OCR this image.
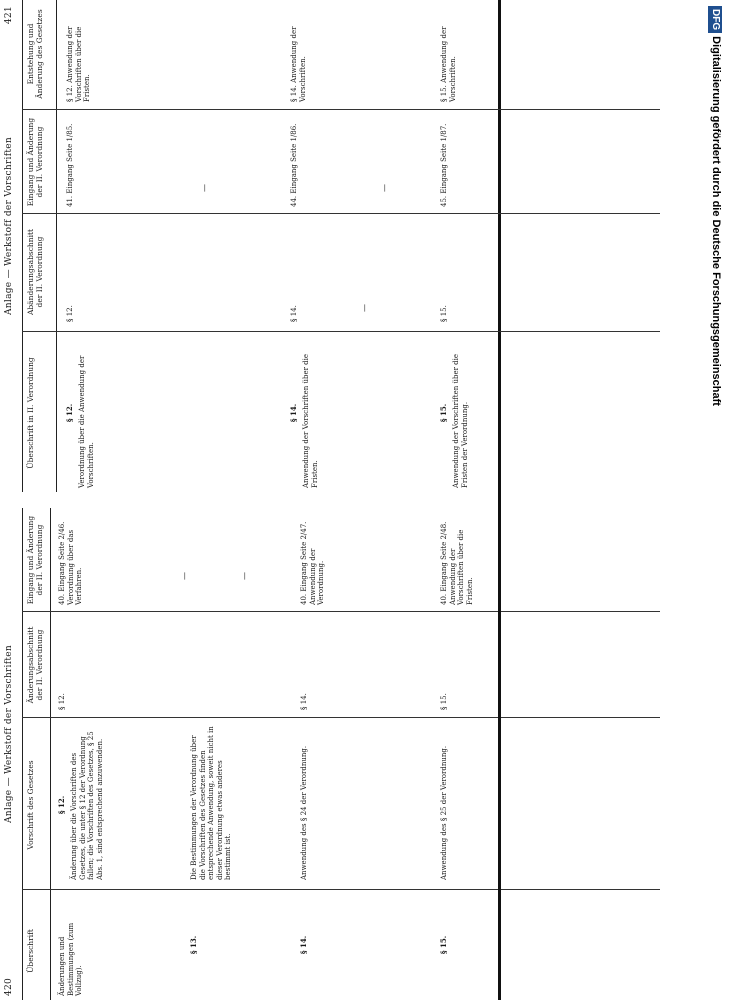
420
Anlage — Werkstoff der Vorschriften
Überschrift
Vorschrift des Gesetzes
Änderungsabschnitt der II. Verordnung
Eingang und Änderung der II. Verordnung
Änderungen und Bestimmungen (zum Vollzug).
§ 12. Änderung über die Vorschriften des Gesetzes, die unter § 12 der Verordnung fallen; die Vorschriften des Gesetzes, § 25 Abs. 1, sind entsprechend anzuwenden.
§ 12.
40. Eingang Seite 2/46. Verordnung über das Verfahren.
§ 13.
Die Bestimmungen der Verordnung über die Vorschriften des Gesetzes finden entsprechende Anwendung, soweit nicht in dieser Verordnung etwas anderes bestimmt ist.
§ 14.
Anwendung des § 24 der Verordnung.
§ 14.
40. Eingang Seite 2/47. Anwendung der Verordnung.
§ 15.
Anwendung des § 25 der Verordnung.
§ 15.
40. Eingang Seite 2/48. Anwendung der Vorschriften über die Fristen.
—	—
Anlage — Werkstoff der Vorschriften
421
Überschrift in II. Verordnung
Abänderungsabschnitt der II. Verordnung
Eingang und Änderung der II. Verordnung
Entstehung und Änderung des Gesetzes
§ 12. Verordnung über die Anwendung der Vorschriften.
§ 12.
41. Eingang Seite 1/85.
§ 12. Anwendung der Vorschriften über die Fristen.
§ 14. Anwendung der Vorschriften über die Fristen.
§ 14.
44. Eingang Seite 1/86.
§ 14. Anwendung der Vorschriften.
§ 15. Anwendung der Vorschriften über die Fristen der Verordnung.
§ 15.
45. Eingang Seite 1/87.
§ 15. Anwendung der Vorschriften.
—
—	—
DFG Digitalisierung gefördert durch die Deutsche Forschungsgemeinschaft
